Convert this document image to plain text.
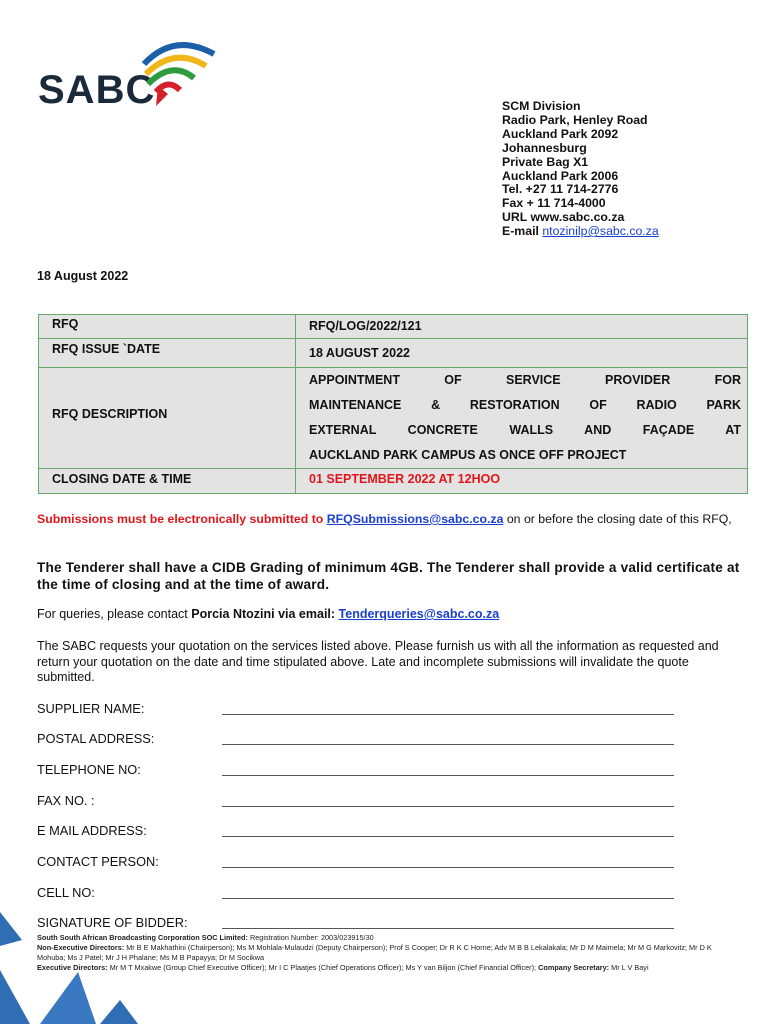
SABC	SCM Division
Radio Park, Henley Road
Auckland Park 2092
Johannesburg
Private Bag X1
Auckland Park 2006
Tel. +27 11 714-2776
Fax + 11 714-4000
URL www.sabc.co.za
E-mail ntozinilp@sabc.co.za
18 August 2022
RFQ	RFQ/LOG/2022/121

RFQ ISSUE `DATE	18 AUGUST 2022

RFQ DESCRIPTION	APPOINTMENT OF SERVICE PROVIDER FOR
MAINTENANCE & RESTORATION OF RADIO PARK
EXTERNAL CONCRETE WALLS AND FAÇADE AT
AUCKLAND PARK CAMPUS AS ONCE OFF PROJECT

CLOSING DATE & TIME	01 SEPTEMBER 2022 AT 12HOO
Submissions must be electronically submitted to RFQSubmissions@sabc.co.za on or before the closing date of this RFQ,
The Tenderer shall have a CIDB Grading of minimum 4GB. The Tenderer shall provide a valid certificate at the time of closing and at the time of award.
For queries, please contact Porcia Ntozini via email: Tenderqueries@sabc.co.za
The SABC requests your quotation on the services listed above. Please furnish us with all the information as requested and return your quotation on the date and time stipulated above. Late and incomplete submissions will invalidate the quote submitted.
SUPPLIER NAME:
POSTAL ADDRESS:
TELEPHONE NO:
FAX NO. :
E MAIL ADDRESS:
CONTACT PERSON:
CELL NO:
SIGNATURE OF BIDDER:
South South African Broadcasting Corporation SOC Limited: Registration Number: 2003/023915/30
Non-Executive Directors: Mr B E Makhathini (Chairperson); Ms M Mohlala-Mulaudzi (Deputy Chairperson); Prof S Cooper; Dr R K C Horne; Adv M B B Lekalakala; Mr D M Maimela; Mr M G Markovitz; Mr D K Mohuba; Ms J Patel; Mr J H Phalane; Ms M B Papayya; Dr M Socikwa
Executive Directors: Mr M T Mxakwe (Group Chief Executive Officer); Mr I C Plaatjes (Chief Operations Officer); Ms Y van Biljon (Chief Financial Officer); Company Secretary: Mr L V Bayi
